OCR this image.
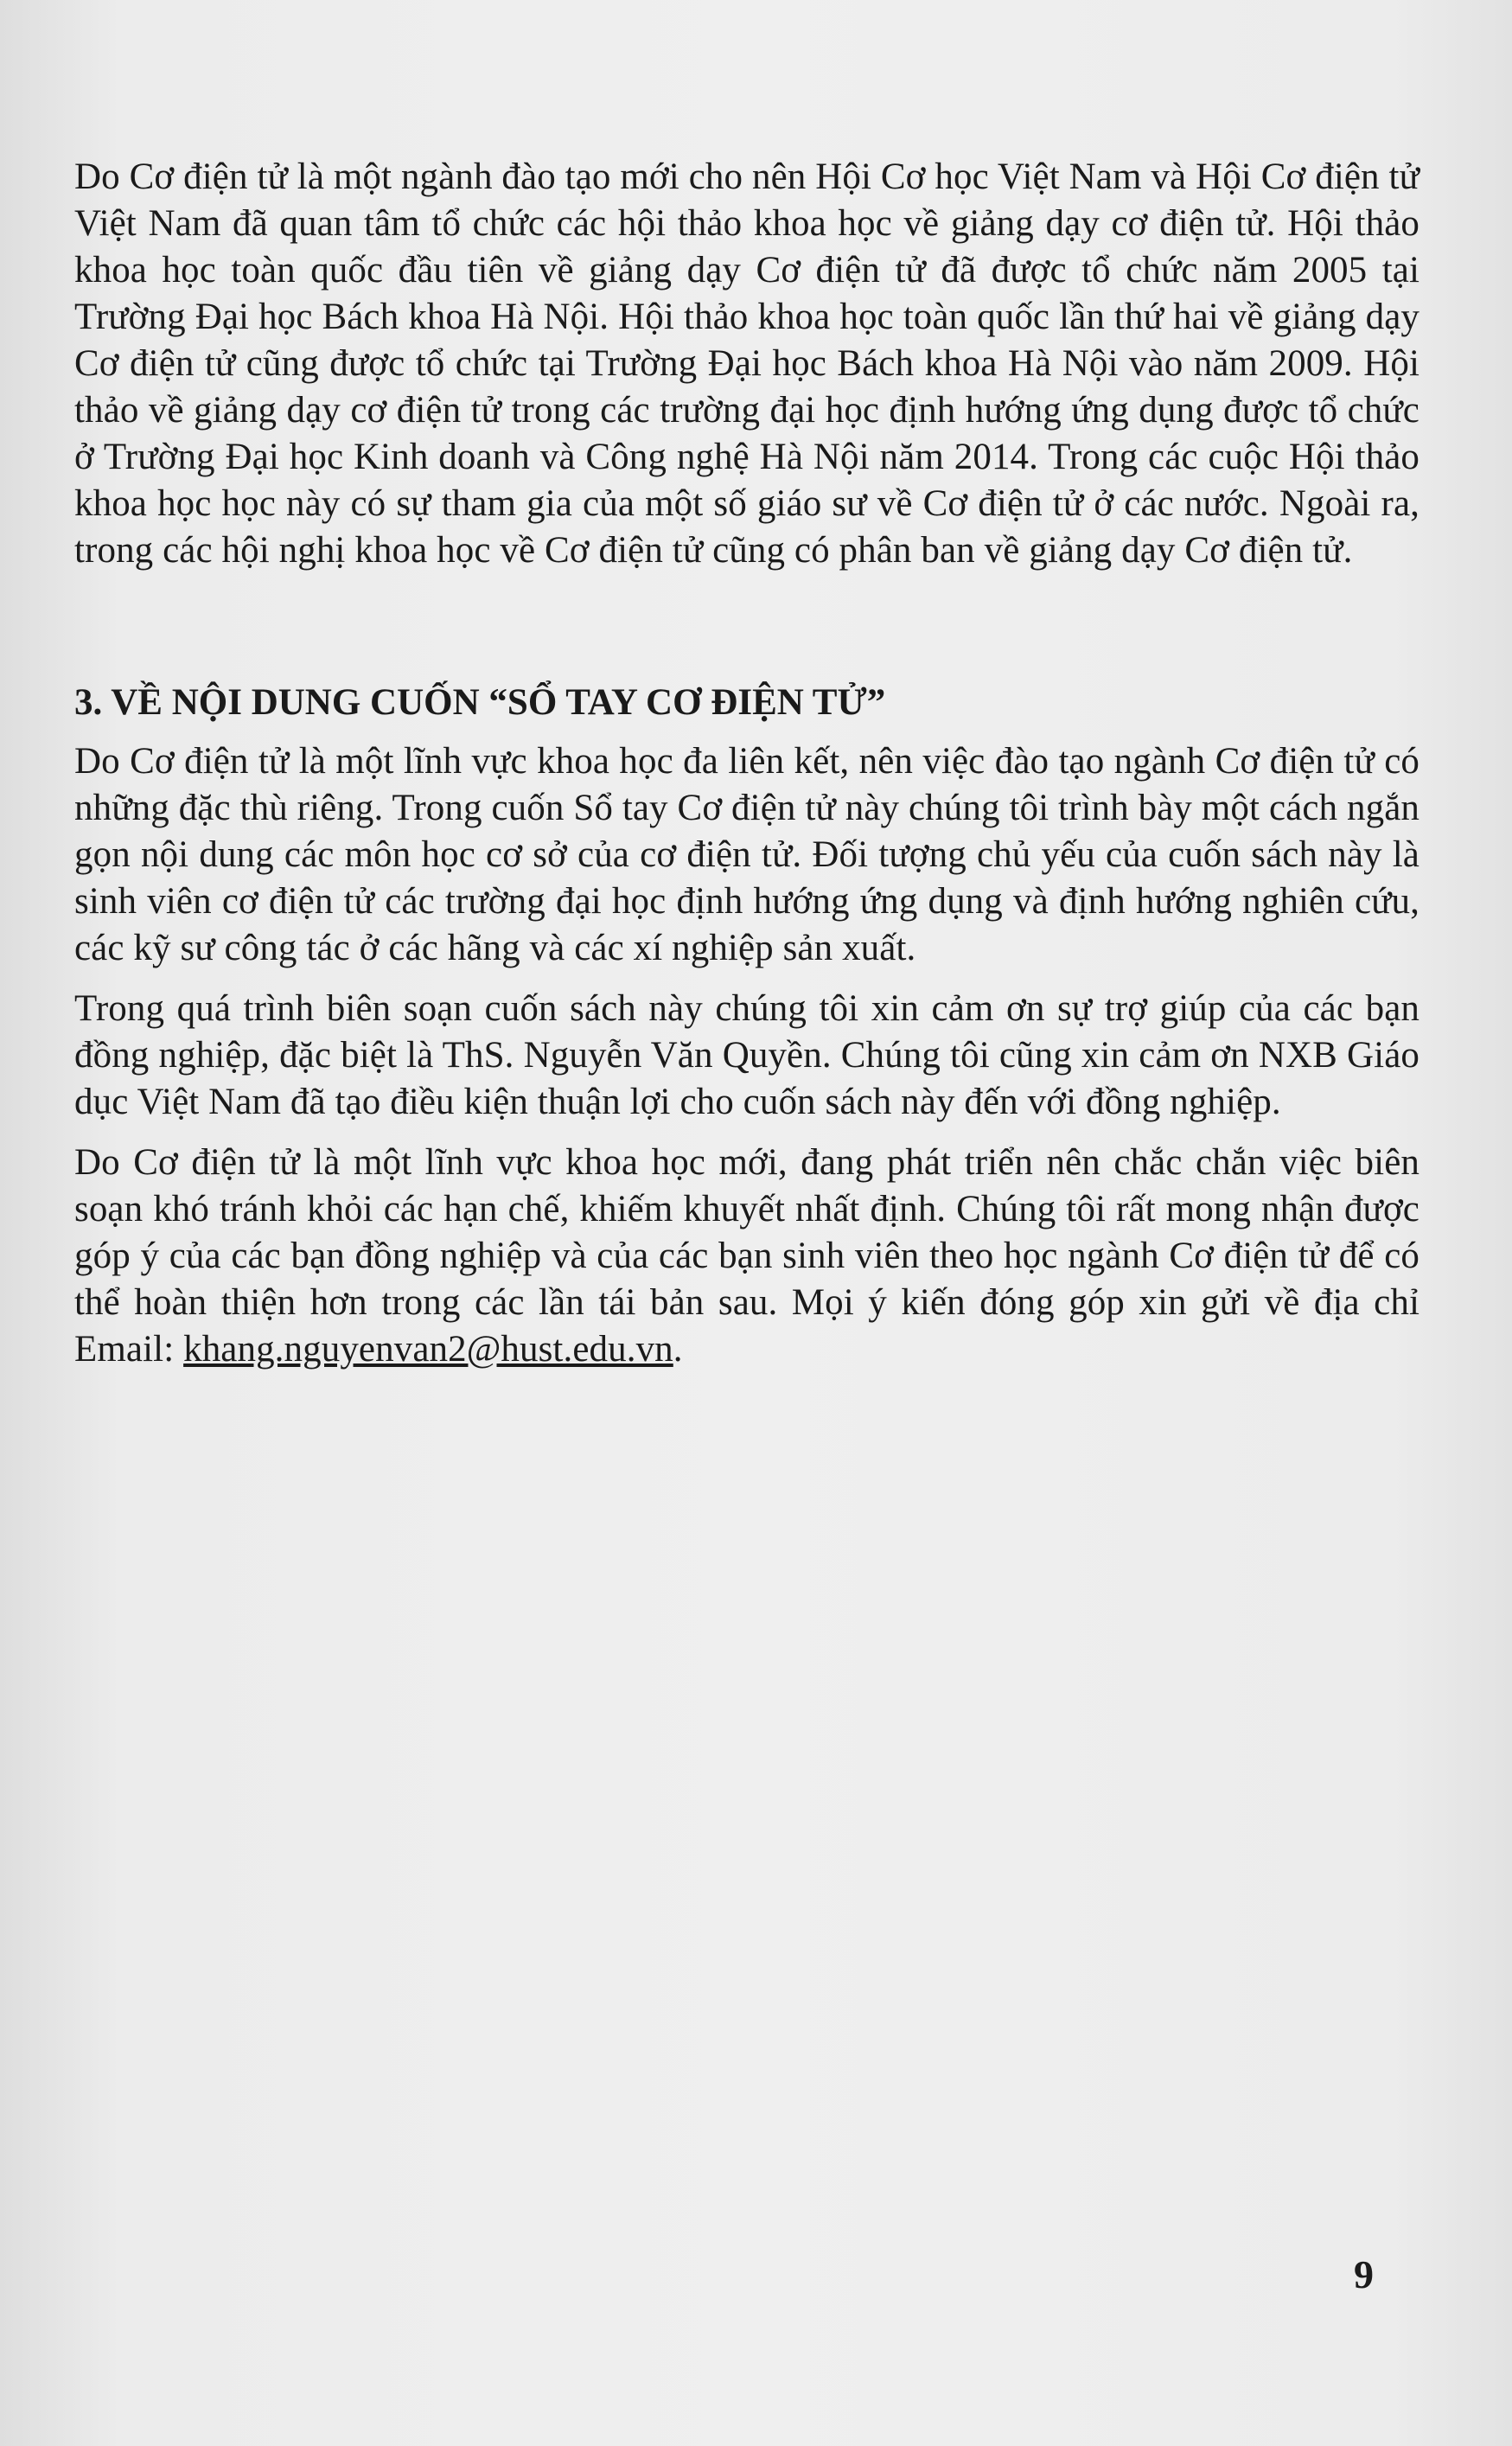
Do Cơ điện tử là một ngành đào tạo mới cho nên Hội Cơ học Việt Nam và Hội Cơ điện tử Việt Nam đã quan tâm tổ chức các hội thảo khoa học về giảng dạy cơ điện tử. Hội thảo khoa học toàn quốc đầu tiên về giảng dạy Cơ điện tử đã được tổ chức năm 2005 tại Trường Đại học Bách khoa Hà Nội. Hội thảo khoa học toàn quốc lần thứ hai về giảng dạy Cơ điện tử cũng được tổ chức tại Trường Đại học Bách khoa Hà Nội vào năm 2009. Hội thảo về giảng dạy cơ điện tử trong các trường đại học định hướng ứng dụng được tổ chức ở Trường Đại học Kinh doanh và Công nghệ Hà Nội năm 2014. Trong các cuộc Hội thảo khoa học học này có sự tham gia của một số giáo sư về Cơ điện tử ở các nước. Ngoài ra, trong các hội nghị khoa học về Cơ điện tử cũng có phân ban về giảng dạy Cơ điện tử.

3. VỀ NỘI DUNG CUỐN “SỔ TAY CƠ ĐIỆN TỬ”

Do Cơ điện tử là một lĩnh vực khoa học đa liên kết, nên việc đào tạo ngành Cơ điện tử có những đặc thù riêng. Trong cuốn Sổ tay Cơ điện tử này chúng tôi trình bày một cách ngắn gọn nội dung các môn học cơ sở của cơ điện tử. Đối tượng chủ yếu của cuốn sách này là sinh viên cơ điện tử các trường đại học định hướng ứng dụng và định hướng nghiên cứu, các kỹ sư công tác ở các hãng và các xí nghiệp sản xuất.

Trong quá trình biên soạn cuốn sách này chúng tôi xin cảm ơn sự trợ giúp của các bạn đồng nghiệp, đặc biệt là ThS. Nguyễn Văn Quyền. Chúng tôi cũng xin cảm ơn NXB Giáo dục Việt Nam đã tạo điều kiện thuận lợi cho cuốn sách này đến với đồng nghiệp.

Do Cơ điện tử là một lĩnh vực khoa học mới, đang phát triển nên chắc chắn việc biên soạn khó tránh khỏi các hạn chế, khiếm khuyết nhất định. Chúng tôi rất mong nhận được góp ý của các bạn đồng nghiệp và của các bạn sinh viên theo học ngành Cơ điện tử để có thể hoàn thiện hơn trong các lần tái bản sau. Mọi ý kiến đóng góp xin gửi về địa chỉ Email: khang.nguyenvan2@hust.edu.vn.

9
